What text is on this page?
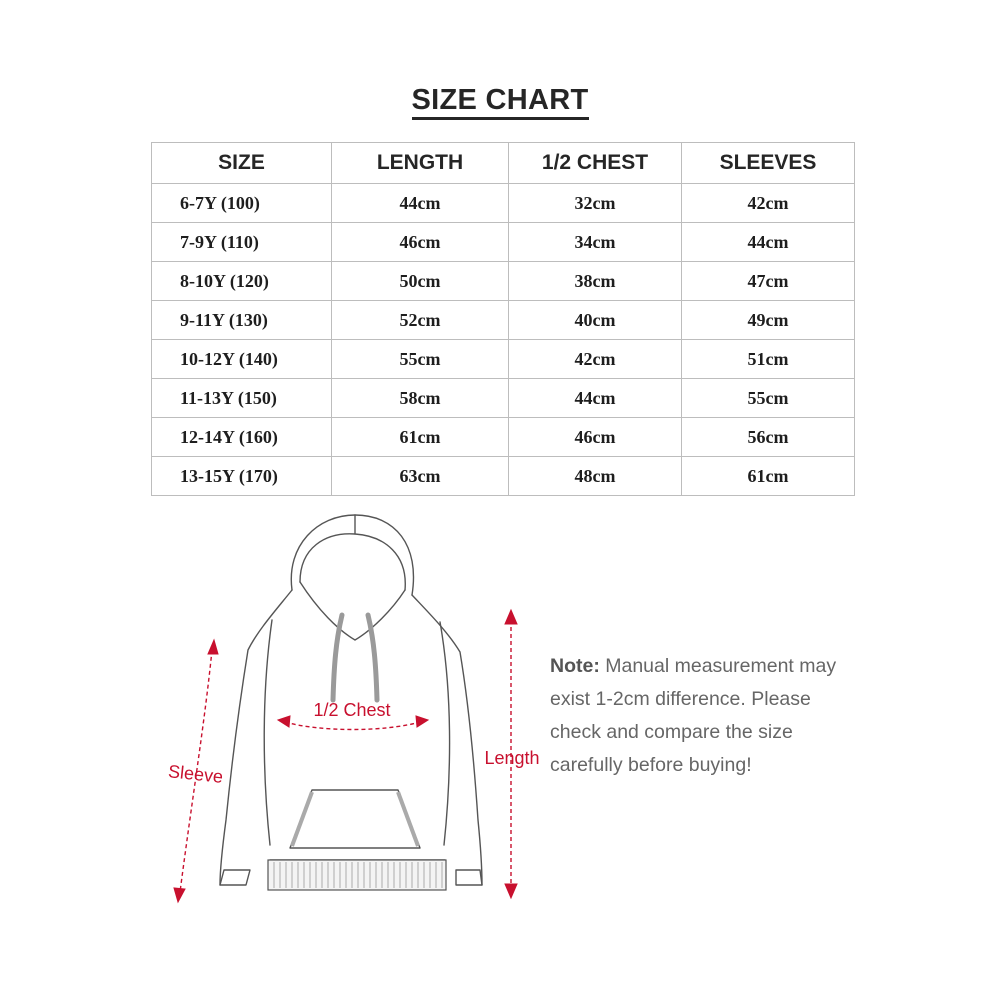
SIZE CHART
SIZE	LENGTH	1/2 CHEST	SLEEVES
6-7Y (100)	44cm	32cm	42cm
7-9Y (110)	46cm	34cm	44cm
8-10Y (120)	50cm	38cm	47cm
9-11Y (130)	52cm	40cm	49cm
10-12Y (140)	55cm	42cm	51cm
11-13Y (150)	58cm	44cm	55cm
12-14Y (160)	61cm	46cm	56cm
13-15Y (170)	63cm	48cm	61cm
1/2 Chest
Sleeve
Length
Note: Manual measurement may
exist 1-2cm difference. Please
check and compare the size
carefully before buying!
